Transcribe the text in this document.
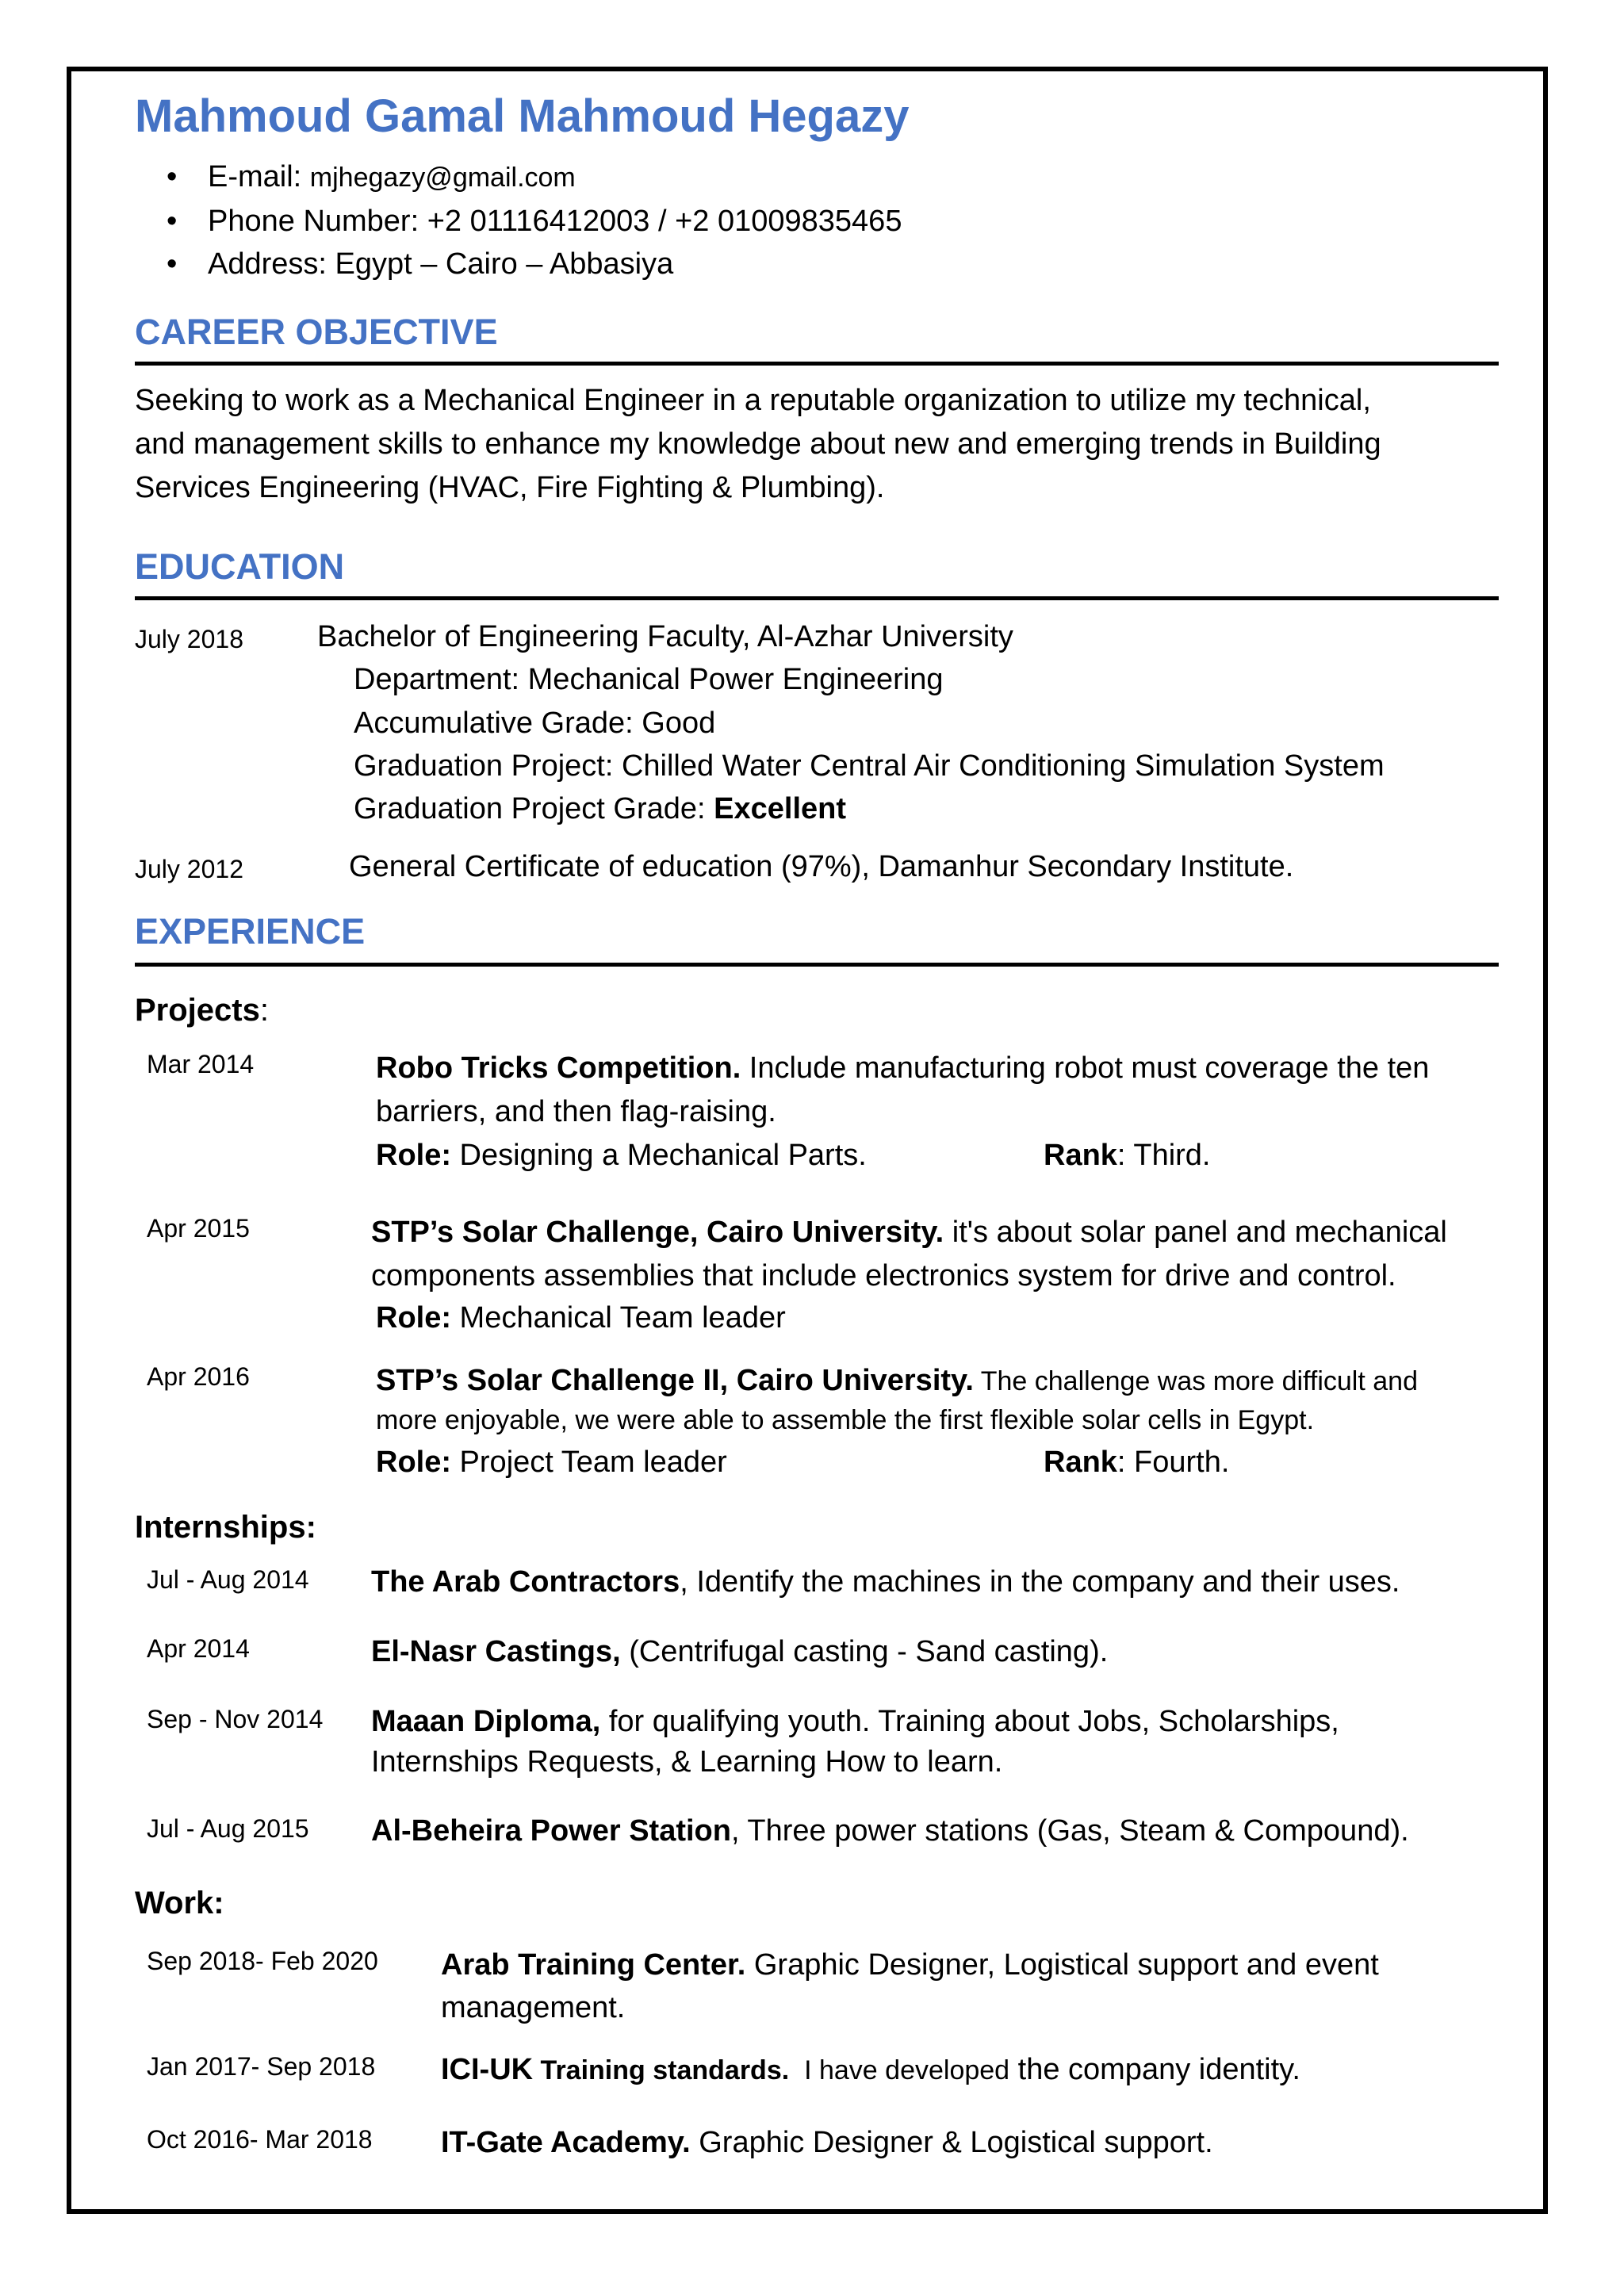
Mahmoud Gamal Mahmoud Hegazy
• E-mail: mjhegazy@gmail.com
• Phone Number: +2 01116412003 / +2 01009835465
• Address: Egypt – Cairo – Abbasiya
CAREER OBJECTIVE
Seeking to work as a Mechanical Engineer in a reputable organization to utilize my technical,
and management skills to enhance my knowledge about new and emerging trends in Building
Services Engineering (HVAC, Fire Fighting & Plumbing).
EDUCATION
July 2018 Bachelor of Engineering Faculty, Al-Azhar University
Department: Mechanical Power Engineering
Accumulative Grade: Good
Graduation Project: Chilled Water Central Air Conditioning Simulation System
Graduation Project Grade: Excellent
July 2012	General Certificate of education (97%), Damanhur Secondary Institute.
EXPERIENCE
Projects:
Mar 2014	Robo Tricks Competition. Include manufacturing robot must coverage the ten
barriers, and then flag-raising.
Role: Designing a Mechanical Parts.	Rank: Third.
Apr 2015	STP’s Solar Challenge, Cairo University. it's about solar panel and mechanical
components assemblies that include electronics system for drive and control.
Role: Mechanical Team leader
Apr 2016	STP’s Solar Challenge II, Cairo University. The challenge was more difficult and
more enjoyable, we were able to assemble the first flexible solar cells in Egypt.
Role: Project Team leader	Rank: Fourth.
Internships:
Jul - Aug 2014 The Arab Contractors, Identify the machines in the company and their uses.
Apr 2014	El-Nasr Castings, (Centrifugal casting - Sand casting).
Sep - Nov 2014 Maaan Diploma, for qualifying youth. Training about Jobs, Scholarships,
Internships Requests, & Learning How to learn.
Jul - Aug 2015 Al-Beheira Power Station, Three power stations (Gas, Steam & Compound).
Work:
Sep 2018- Feb 2020 Arab Training Center. Graphic Designer, Logistical support and event
management.
Jan 2017- Sep 2018 ICI-UK Training standards.  I have developed the company identity.
Oct 2016- Mar 2018 IT-Gate Academy. Graphic Designer & Logistical support.
